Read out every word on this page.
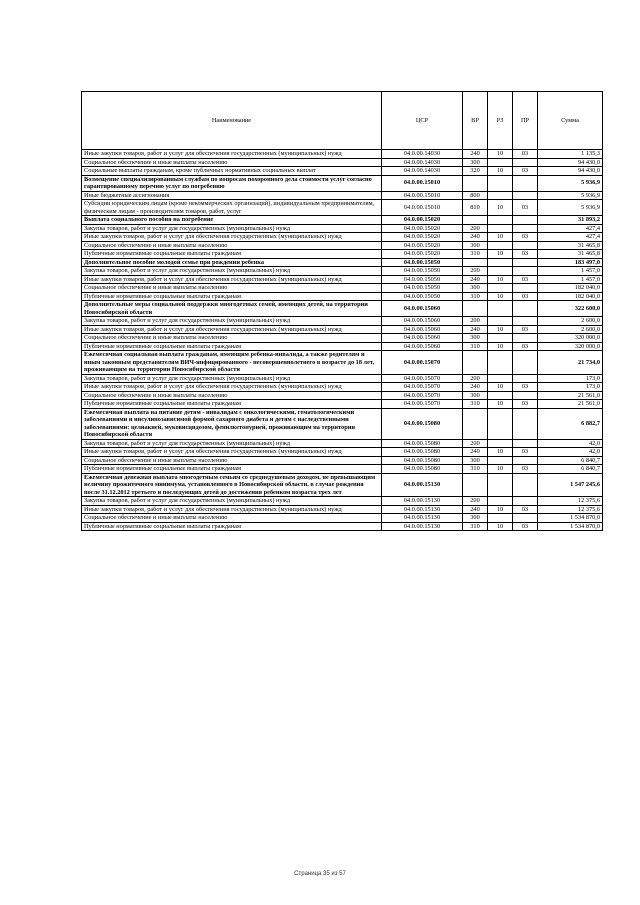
Наименование	ЦСР	ВР	РЗ	ПР	Сумма
Иные закупки товаров, работ и услуг для обеспечения государственных (муниципальных) нужд	04.0.00.14030	240	10	03	1 135,3
Социальное обеспечение и иные выплаты населению	04.0.00.14030	300			94 430,0
Социальные выплаты гражданам, кроме публичных нормативных социальных выплат	04.0.00.14030	320	10	03	94 430,0
Возмещение специализированным службам по вопросам похоронного дела стоимости услуг согласно гарантированному перечню услуг по погребению	04.0.00.15010				5 936,9
Иные бюджетные ассигнования	04.0.00.15010	800			5 936,9
Субсидии юридическим лицам (кроме некоммерческих организаций), индивидуальным предпринимателям, физическим лицам - производителям товаров, работ, услуг	04.0.00.15010	810	10	03	5 936,9
Выплата социального пособия на погребение	04.0.00.15020				31 893,2
Закупка товаров, работ и услуг для государственных (муниципальных) нужд	04.0.00.15020	200			427,4
Иные закупки товаров, работ и услуг для обеспечения государственных (муниципальных) нужд	04.0.00.15020	240	10	03	427,4
Социальное обеспечение и иные выплаты населению	04.0.00.15020	300			31 465,8
Публичные нормативные социальные выплаты гражданам	04.0.00.15020	310	10	03	31 465,8
Дополнительное пособие молодой семье при рождении ребенка	04.0.00.15050				183 497,0
Закупка товаров, работ и услуг для государственных (муниципальных) нужд	04.0.00.15050	200			1 457,0
Иные закупки товаров, работ и услуг для обеспечения государственных (муниципальных) нужд	04.0.00.15050	240	10	03	1 457,0
Социальное обеспечение и иные выплаты населению	04.0.00.15050	300			182 040,0
Публичные нормативные социальные выплаты гражданам	04.0.00.15050	310	10	03	182 040,0
Дополнительные меры социальной поддержки многодетных семей, имеющих детей, на территории Новосибирской области	04.0.00.15060				322 600,0
Закупка товаров, работ и услуг для государственных (муниципальных) нужд	04.0.00.15060	200			2 600,0
Иные закупки товаров, работ и услуг для обеспечения государственных (муниципальных) нужд	04.0.00.15060	240	10	03	2 600,0
Социальное обеспечение и иные выплаты населению	04.0.00.15060	300			320 000,0
Публичные нормативные социальные выплаты гражданам	04.0.00.15060	310	10	03	320 000,0
Ежемесячная социальная выплата гражданам, имеющим ребенка-инвалида, а также родителям и иным законным представителям ВИЧ-инфицированного - несовершеннолетнего в возрасте до 18 лет, проживающим на территории Новосибирской области	04.0.00.15070				21 734,0
Закупка товаров, работ и услуг для государственных (муниципальных) нужд	04.0.00.15070	200			173,0
Иные закупки товаров, работ и услуг для обеспечения государственных (муниципальных) нужд	04.0.00.15070	240	10	03	173,0
Социальное обеспечение и иные выплаты населению	04.0.00.15070	300			21 561,0
Публичные нормативные социальные выплаты гражданам	04.0.00.15070	310	10	03	21 561,0
Ежемесячная выплата на питание детям - инвалидам с онкологическими, гематологическими заболеваниями и инсулинозависимой формой сахарного диабета и детям с наследственными заболеваниями: целиакией, муковисцидозом, фенилкетонурией, проживающим на территории Новосибирской области	04.0.00.15080				6 882,7
Закупка товаров, работ и услуг для государственных (муниципальных) нужд	04.0.00.15080	200			42,0
Иные закупки товаров, работ и услуг для обеспечения государственных (муниципальных) нужд	04.0.00.15080	240	10	03	42,0
Социальное обеспечение и иные выплаты населению	04.0.00.15080	300			6 840,7
Публичные нормативные социальные выплаты гражданам	04.0.00.15080	310	10	03	6 840,7
Ежемесячная денежная выплата многодетным семьям со среднедушевым доходом, не превышающим величину прожиточного минимума, установленного в Новосибирской области, в случае рождения после 31.12.2012 третьего и последующих детей до достижения ребенком возраста трех лет	04.0.00.15130				1 547 245,6
Закупка товаров, работ и услуг для государственных (муниципальных) нужд	04.0.00.15130	200			12 375,6
Иные закупки товаров, работ и услуг для обеспечения государственных (муниципальных) нужд	04.0.00.15130	240	10	03	12 375,6
Социальное обеспечение и иные выплаты населению	04.0.00.15130	300			1 534 870,0
Публичные нормативные социальные выплаты гражданам	04.0.00.15130	310	10	03	1 534 870,0
Страница 35 из 57
